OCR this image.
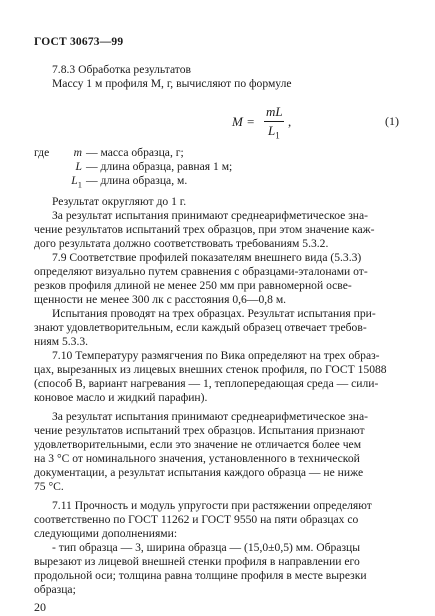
ГОСТ 30673—99
7.8.3 Обработка результатов
Массу 1 м профиля М, г, вычисляют по формуле
M =
mL
$L_1$
,	(1)
где m — масса образца, г;
L — длина образца, равная 1 м;
$L_1$ — длина образца, м.
Результат округляют до 1 г.
За результат испытания принимают среднеарифметическое зна-
чение результатов испытаний трех образцов, при этом значение каж-
дого результата должно соответствовать требованиям 5.3.2.
7.9 Соответствие профилей показателям внешнего вида (5.3.3)
определяют визуально путем сравнения с образцами-эталонами от-
резков профиля длиной не менее 250 мм при равномерной осве-
щенности не менее 300 лк с расстояния 0,6—0,8 м.
Испытания проводят на трех образцах. Результат испытания при-
знают удовлетворительным, если каждый образец отвечает требов-
ниям 5.3.3.
7.10 Температуру размягчения по Вика определяют на трех образ-
цах, вырезанных из лицевых внешних стенок профиля, по ГОСТ 15088
(способ В, вариант нагревания — 1, теплопередающая среда — сили-
коновое масло и жидкий парафин).
За результат испытания принимают среднеарифметическое зна-
чение результатов испытаний трех образцов. Испытания признают
удовлетворительными, если это значение не отличается более чем
на 3 °С от номинального значения, установленного в технической
документации, а результат испытания каждого образца — не ниже
75 °С.
7.11 Прочность и модуль упругости при растяжении определяют
соответственно по ГОСТ 11262 и ГОСТ 9550 на пяти образцах со
следующими дополнениями:
- тип образца — 3, ширина образца — (15,0±0,5) мм. Образцы
вырезают из лицевой внешней стенки профиля в направлении его
продольной оси; толщина равна толщине профиля в месте вырезки
образца;
20
